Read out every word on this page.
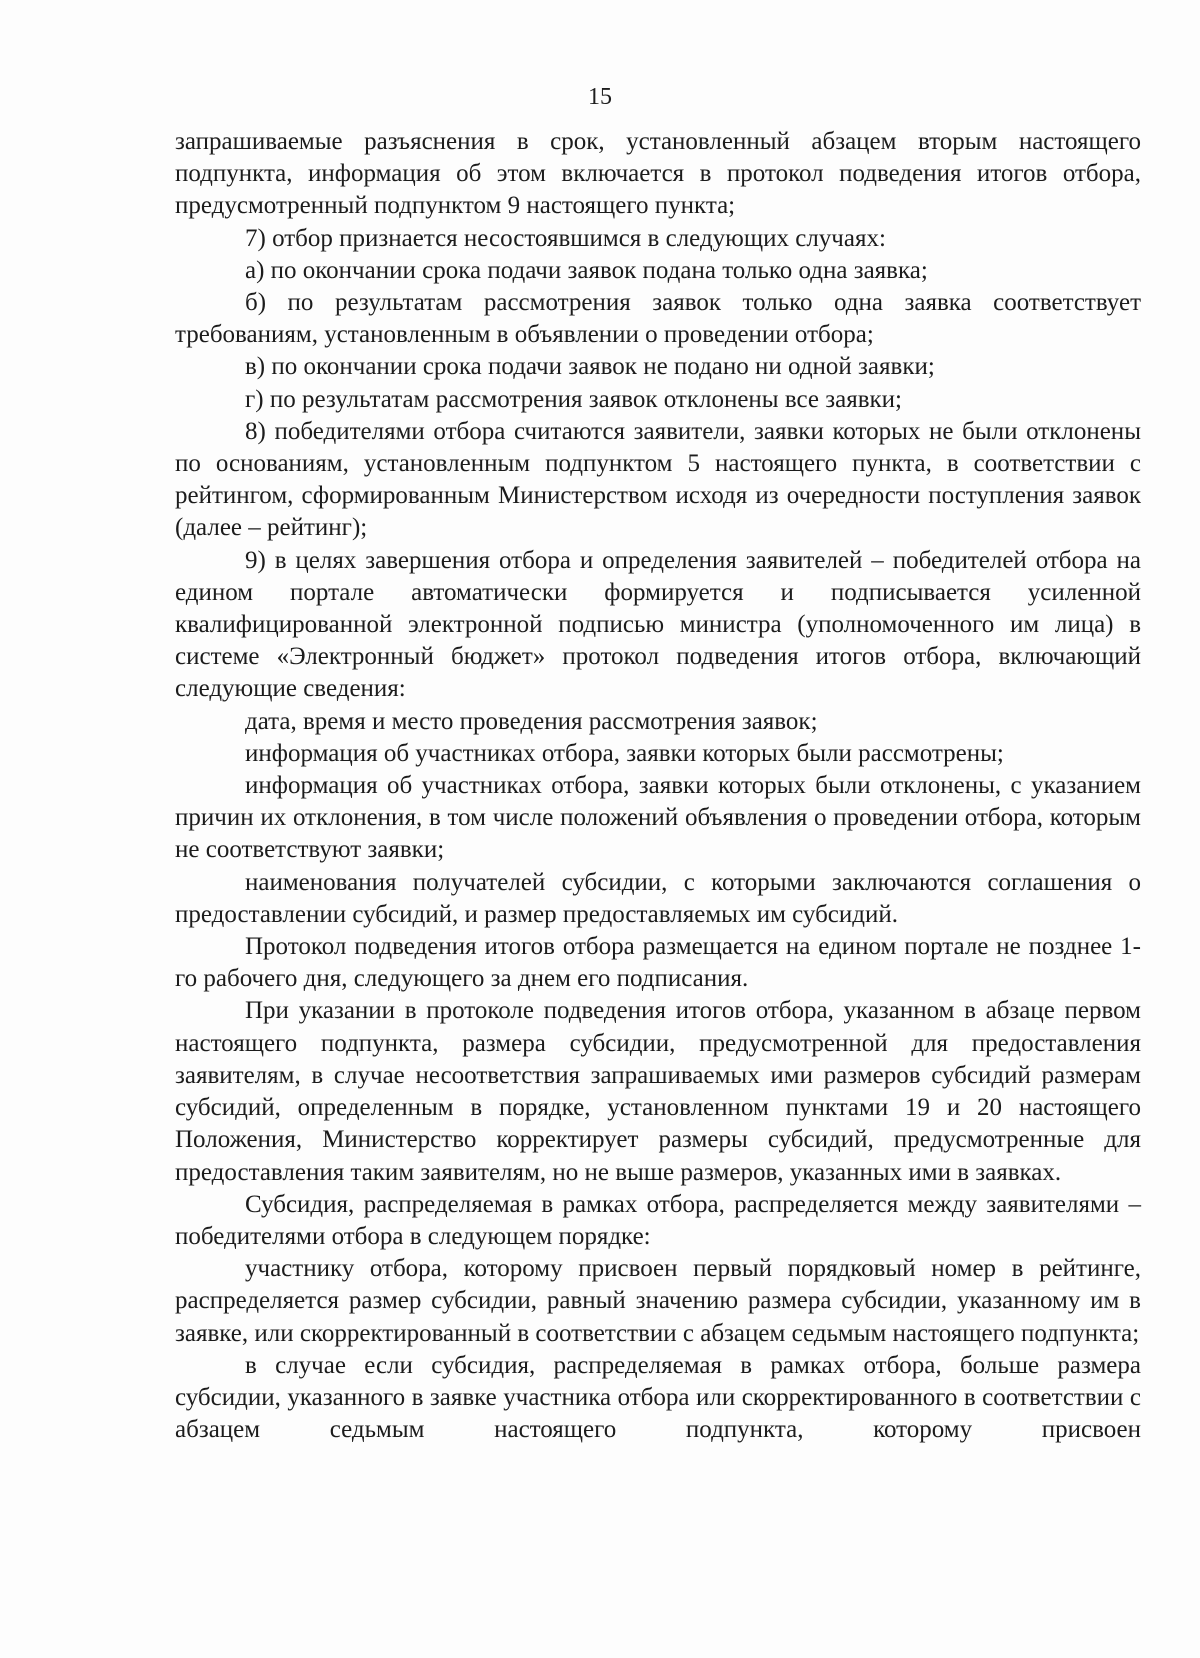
15

запрашиваемые разъяснения в срок, установленный абзацем вторым настоящего подпункта, информация об этом включается в протокол подведения итогов отбора, предусмотренный подпунктом 9 настоящего пункта;

7) отбор признается несостоявшимся в следующих случаях:

а) по окончании срока подачи заявок подана только одна заявка;

б) по результатам рассмотрения заявок только одна заявка соответствует требованиям, установленным в объявлении о проведении отбора;

в) по окончании срока подачи заявок не подано ни одной заявки;

г) по результатам рассмотрения заявок отклонены все заявки;

8) победителями отбора считаются заявители, заявки которых не были отклонены по основаниям, установленным подпунктом 5 настоящего пункта, в соответствии с рейтингом, сформированным Министерством исходя из очередности поступления заявок (далее – рейтинг);

9) в целях завершения отбора и определения заявителей – победителей отбора на едином портале автоматически формируется и подписывается усиленной квалифицированной электронной подписью министра (уполномоченного им лица) в системе «Электронный бюджет» протокол подведения итогов отбора, включающий следующие сведения:

дата, время и место проведения рассмотрения заявок;

информация об участниках отбора, заявки которых были рассмотрены;

информация об участниках отбора, заявки которых были отклонены, с указанием причин их отклонения, в том числе положений объявления о проведении отбора, которым не соответствуют заявки;

наименования получателей субсидии, с которыми заключаются соглашения о предоставлении субсидий, и размер предоставляемых им субсидий.

Протокол подведения итогов отбора размещается на едином портале не позднее 1-го рабочего дня, следующего за днем его подписания.

При указании в протоколе подведения итогов отбора, указанном в абзаце первом настоящего подпункта, размера субсидии, предусмотренной для предоставления заявителям, в случае несоответствия запрашиваемых ими размеров субсидий размерам субсидий, определенным в порядке, установленном пунктами 19 и 20 настоящего Положения, Министерство корректирует размеры субсидий, предусмотренные для предоставления таким заявителям, но не выше размеров, указанных ими в заявках.

Субсидия, распределяемая в рамках отбора, распределяется между заявителями – победителями отбора в следующем порядке:

участнику отбора, которому присвоен первый порядковый номер в рейтинге, распределяется размер субсидии, равный значению размера субсидии, указанному им в заявке, или скорректированный в соответствии с абзацем седьмым настоящего подпункта;

в случае если субсидия, распределяемая в рамках отбора, больше размера субсидии, указанного в заявке участника отбора или скорректированного в соответствии с абзацем седьмым настоящего подпункта, которому присвоен
